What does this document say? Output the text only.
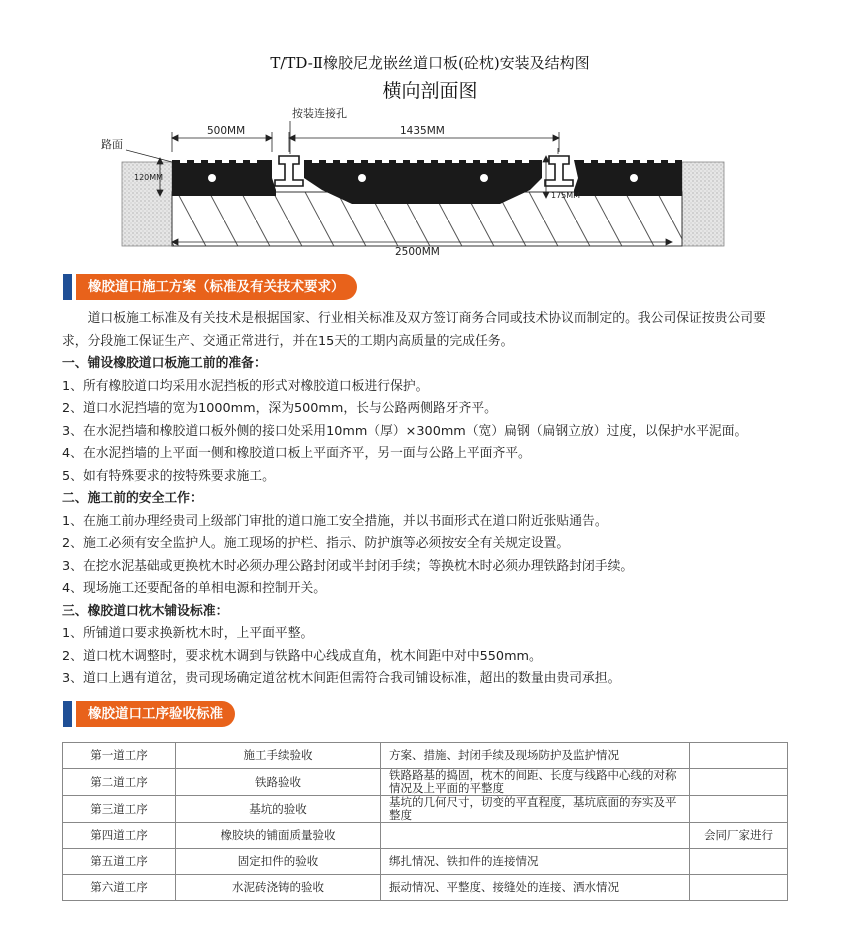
T/TD-Ⅱ橡胶尼龙嵌丝道口板(砼枕)安装及结构图
横向剖面图
按装连接孔
路面
500MM	1435MM
2500MM
120MM
175MM
橡胶道口施工方案（标准及有关技术要求）

道口板施工标准及有关技术是根据国家、行业相关标准及双方签订商务合同或技术协议而制定的。我公司保证按贵公司要求，分段施工保证生产、交通正常进行，并在15天的工期内高质量的完成任务。

一、铺设橡胶道口板施工前的准备：

1、所有橡胶道口均采用水泥挡板的形式对橡胶道口板进行保护。

2、道口水泥挡墙的宽为1000mm，深为500mm，长与公路两侧路牙齐平。

3、在水泥挡墙和橡胶道口板外侧的接口处采用10mm（厚）×300mm（宽）扁钢（扁钢立放）过度，以保护水平泥面。

4、在水泥挡墙的上平面一侧和橡胶道口板上平面齐平，另一面与公路上平面齐平。

5、如有特殊要求的按特殊要求施工。

二、施工前的安全工作：

1、在施工前办理经贵司上级部门审批的道口施工安全措施，并以书面形式在道口附近张贴通告。

2、施工必须有安全监护人。施工现场的护栏、指示、防护旗等必须按安全有关规定设置。

3、在挖水泥基础或更换枕木时必须办理公路封闭或半封闭手续；等换枕木时必须办理铁路封闭手续。

4、现场施工还要配备的单相电源和控制开关。

三、橡胶道口枕木铺设标准：

1、所铺道口要求换新枕木时，上平面平整。

2、道口枕木调整时，要求枕木调到与铁路中心线成直角，枕木间距中对中550mm。

3、道口上遇有道岔，贵司现场确定道岔枕木间距但需符合我司铺设标准，超出的数量由贵司承担。

橡胶道口工序验收标准
第一道工序	施工手续验收	方案、措施、封闭手续及现场防护及监护情况	
第二道工序	铁路验收	铁路路基的捣固，枕木的间距、长度与线路中心线的对称情况及上平面的平整度	
第三道工序	基坑的验收	基坑的几何尺寸，切变的平直程度，基坑底面的夯实及平整度	
第四道工序	橡胶块的铺面质量验收		会同厂家进行
第五道工序	固定扣件的验收	绑扎情况、铁扣件的连接情况	
第六道工序	水泥砖浇铸的验收	振动情况、平整度、接缝处的连接、洒水情况	
